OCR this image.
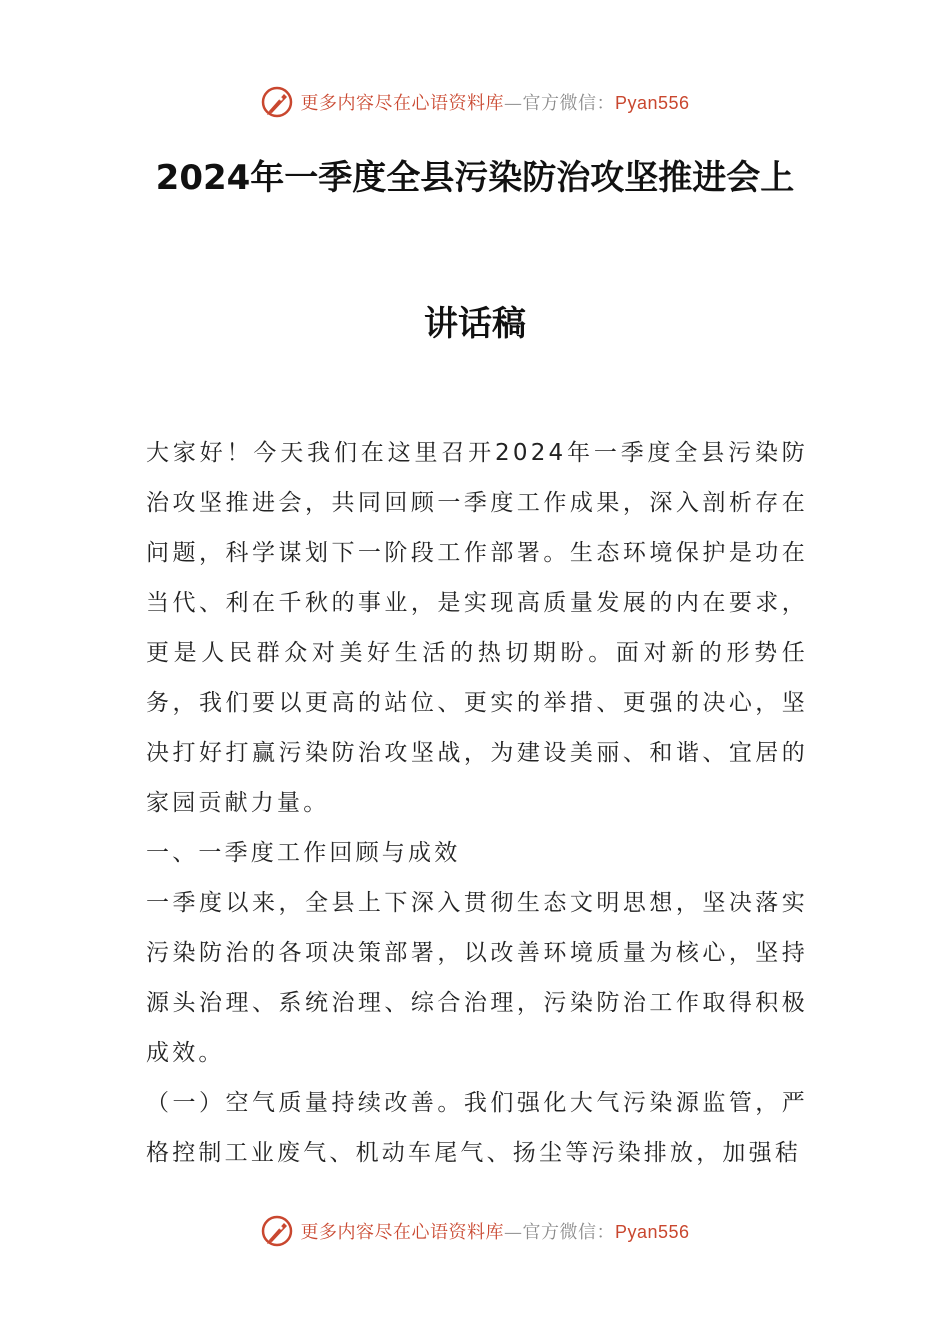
更多内容尽在心语资料库—官方微信：Pyan556
2024年一季度全县污染防治攻坚推进会上
讲话稿

大家好！今天我们在这里召开2024年一季度全县污染防治攻坚推进会，共同回顾一季度工作成果，深入剖析存在问题，科学谋划下一阶段工作部署。生态环境保护是功在当代、利在千秋的事业，是实现高质量发展的内在要求，更是人民群众对美好生活的热切期盼。面对新的形势任务，我们要以更高的站位、更实的举措、更强的决心，坚决打好打赢污染防治攻坚战，为建设美丽、和谐、宜居的家园贡献力量。

一、一季度工作回顾与成效

一季度以来，全县上下深入贯彻生态文明思想，坚决落实污染防治的各项决策部署，以改善环境质量为核心，坚持源头治理、系统治理、综合治理，污染防治工作取得积极成效。

（一）空气质量持续改善。我们强化大气污染源监管，严格控制工业废气、机动车尾气、扬尘等污染排放，加强秸

更多内容尽在心语资料库—官方微信：Pyan556
